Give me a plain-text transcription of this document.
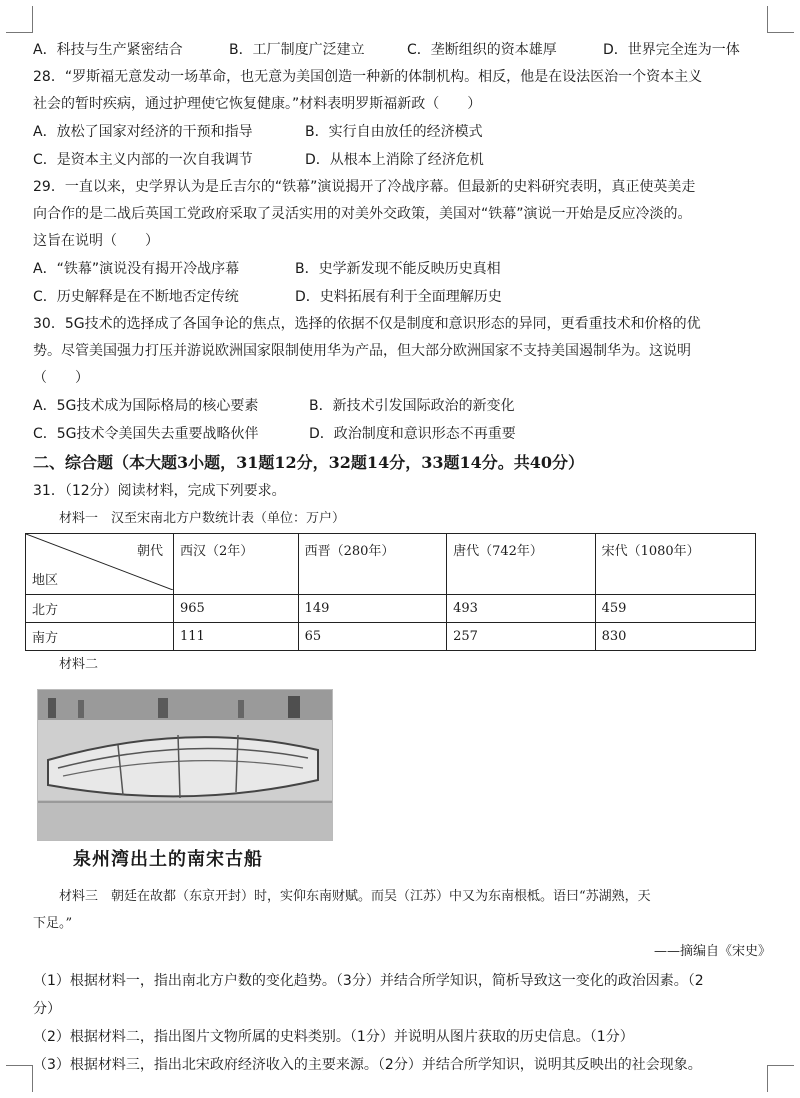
A．科技与生产紧密结合	B．工厂制度广泛建立	C．垄断组织的资本雄厚	D．世界完全连为一体
28．“罗斯福无意发动一场革命，也无意为美国创造一种新的体制机构。相反，他是在设法医治一个资本主义
社会的暂时疾病，通过护理使它恢复健康。”材料表明罗斯福新政（　　）
A．放松了国家对经济的干预和指导	B．实行自由放任的经济模式
C．是资本主义内部的一次自我调节	D．从根本上消除了经济危机
29．一直以来，史学界认为是丘吉尔的“铁幕”演说揭开了冷战序幕。但最新的史料研究表明，真正使英美走
向合作的是二战后英国工党政府采取了灵活实用的对美外交政策，美国对“铁幕”演说一开始是反应冷淡的。
这旨在说明（　　）
A．“铁幕”演说没有揭开冷战序幕	B．史学新发现不能反映历史真相
C．历史解释是在不断地否定传统	D．史料拓展有利于全面理解历史
30．5G技术的选择成了各国争论的焦点，选择的依据不仅是制度和意识形态的异同，更看重技术和价格的优
势。尽管美国强力打压并游说欧洲国家限制使用华为产品，但大部分欧洲国家不支持美国遏制华为。这说明
（　　）
A．5G技术成为国际格局的核心要素	B．新技术引发国际政治的新变化
C．5G技术令美国失去重要战略伙伴	D．政治制度和意识形态不再重要
二、综合题（本大题3小题，31题12分，32题14分，33题14分。共40分）
31．（12分）阅读材料，完成下列要求。
材料一　汉至宋南北方户数统计表（单位：万户）
朝代
地区	西汉（2年）	西晋（280年）	唐代（742年）	宋代（1080年）
北方	965	149	493	459
南方	111	65	257	830
材料二
泉州湾出土的南宋古船
材料三　朝廷在故都（东京开封）时，实仰东南财赋。而吴（江苏）中又为东南根柢。语曰“苏湖熟，天
下足。”
——摘编自《宋史》
（1）根据材料一，指出南北方户数的变化趋势。（3分）并结合所学知识，简析导致这一变化的政治因素。（2
分）
（2）根据材料二，指出图片文物所属的史料类别。（1分）并说明从图片获取的历史信息。（1分）
（3）根据材料三，指出北宋政府经济收入的主要来源。（2分）并结合所学知识，说明其反映出的社会现象。
